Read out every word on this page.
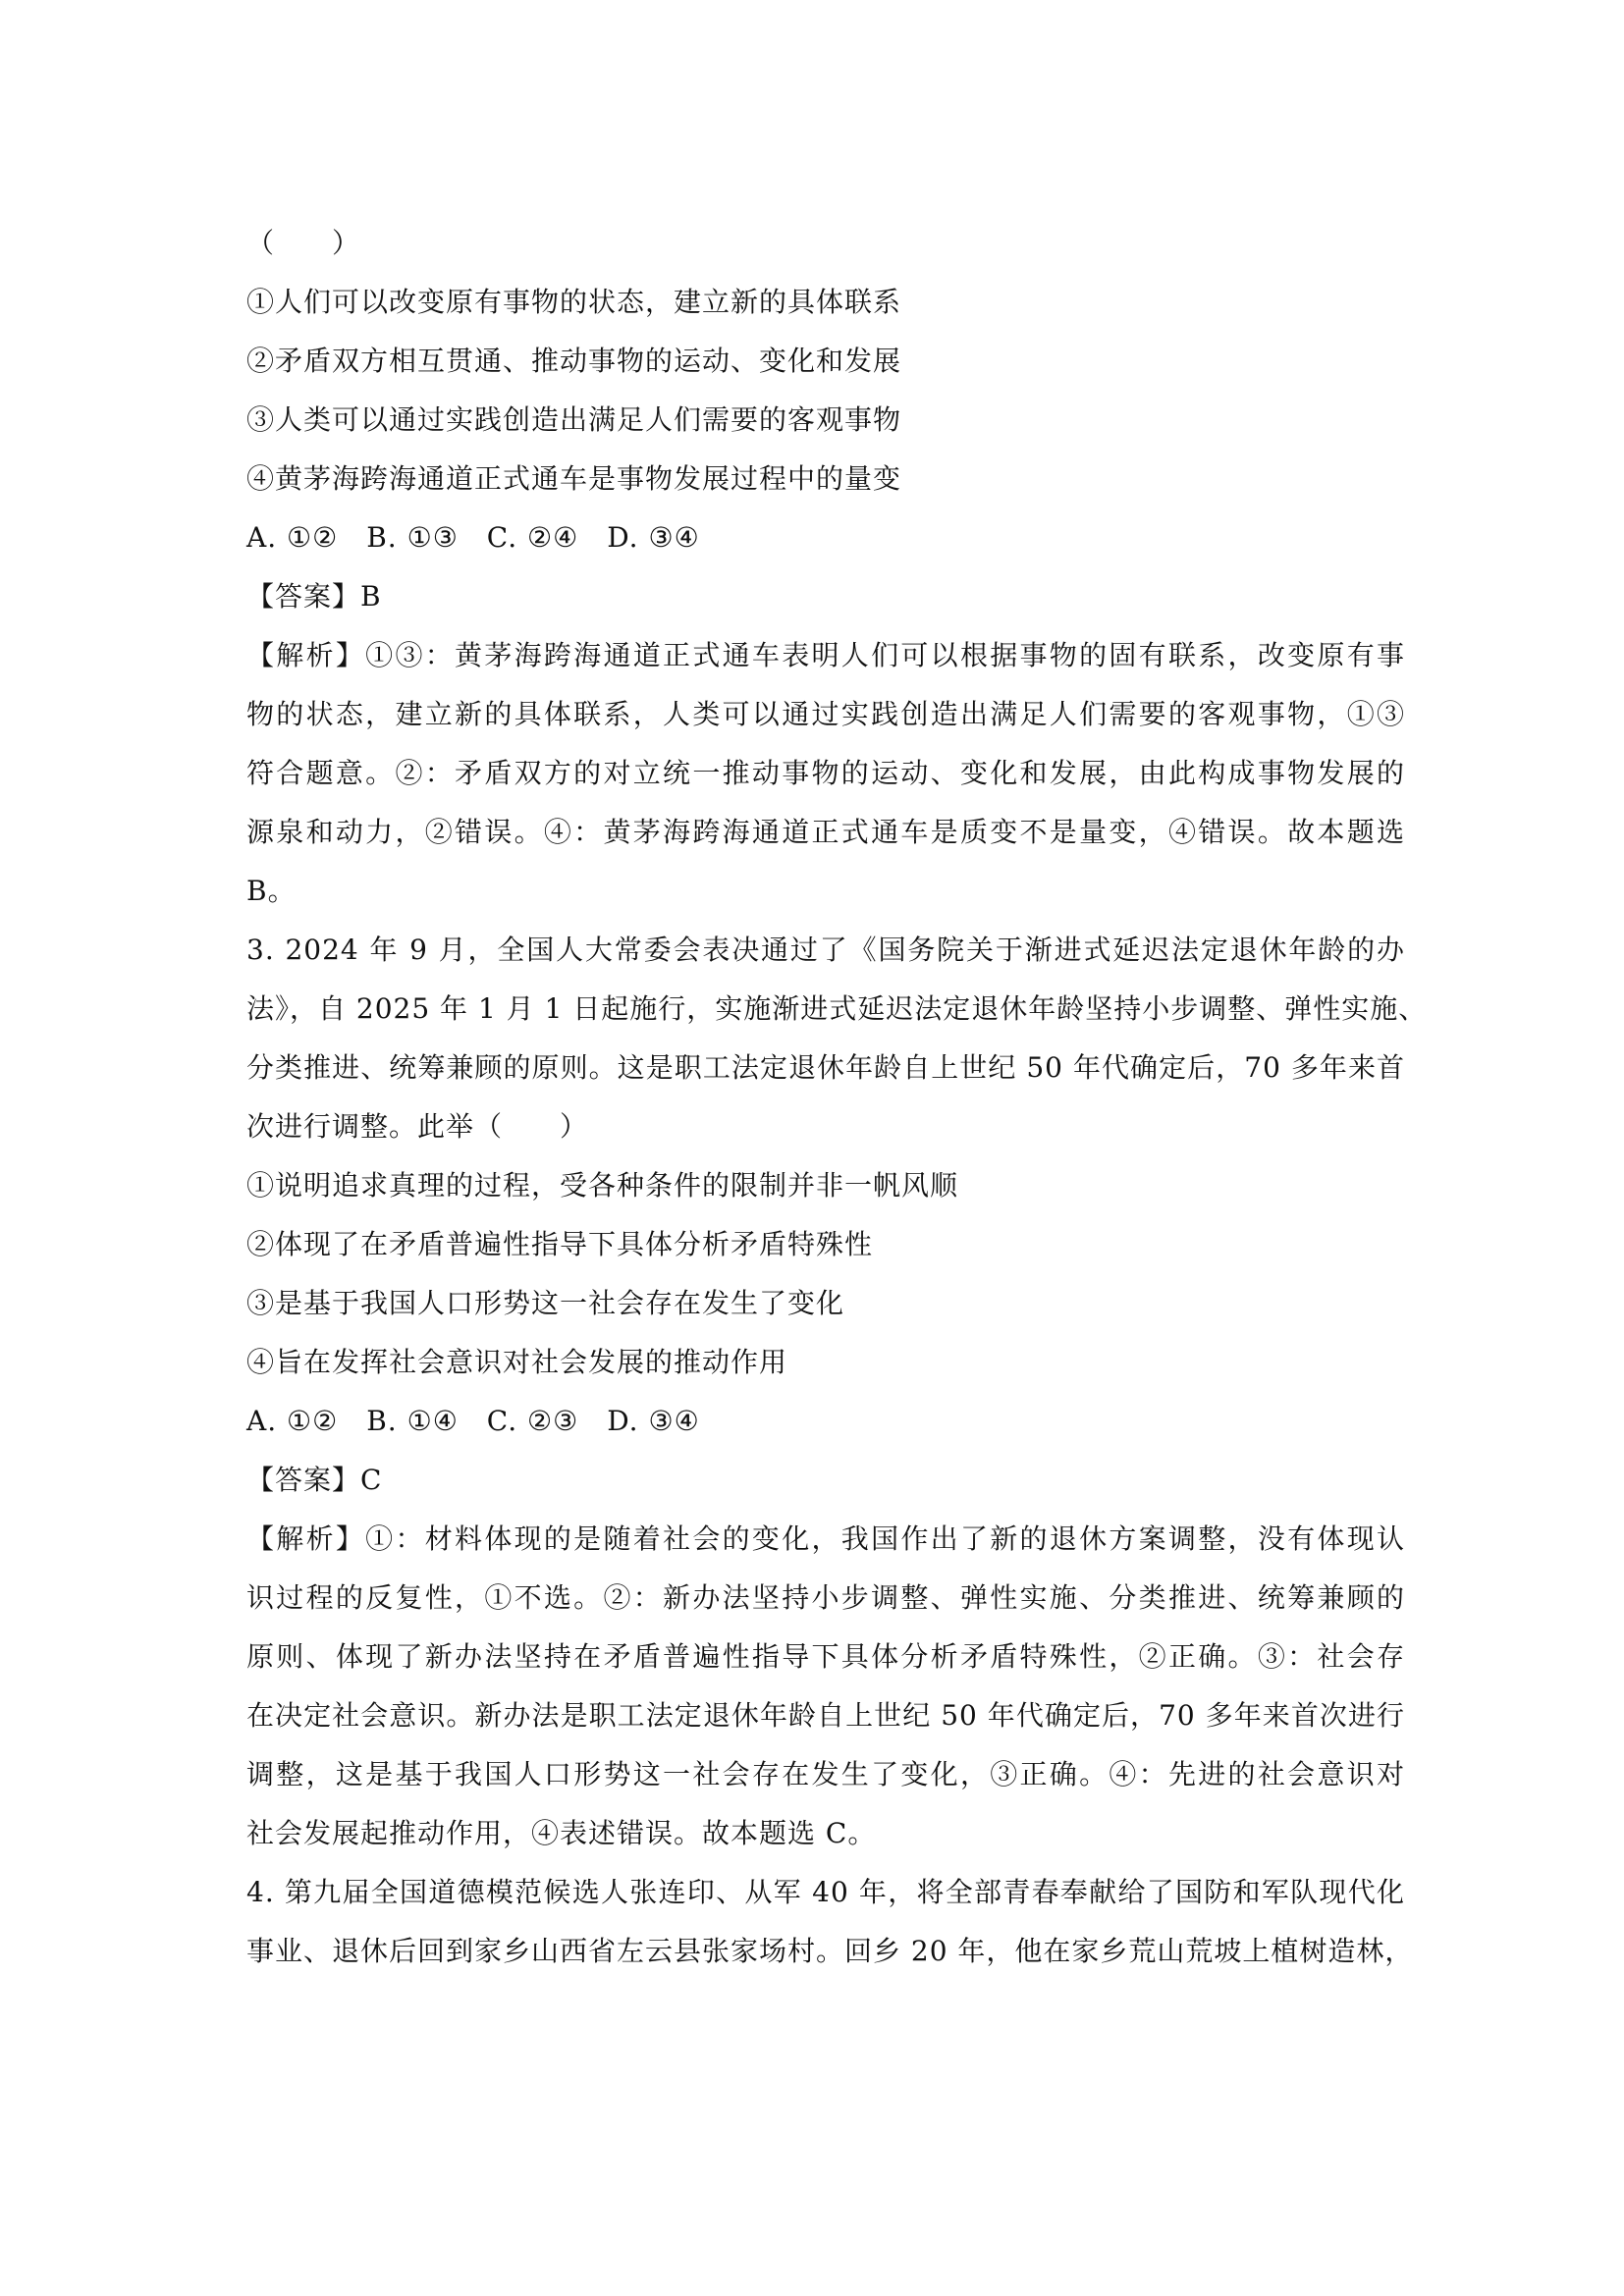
（　　）
①人们可以改变原有事物的状态，建立新的具体联系
②矛盾双方相互贯通、推动事物的运动、变化和发展
③人类可以通过实践创造出满足人们需要的客观事物
④黄茅海跨海通道正式通车是事物发展过程中的量变
A. ①②　B. ①③　C. ②④　D. ③④
【答案】B
【解析】①③：黄茅海跨海通道正式通车表明人们可以根据事物的固有联系，改变原有事
物的状态，建立新的具体联系，人类可以通过实践创造出满足人们需要的客观事物，①③
符合题意。②：矛盾双方的对立统一推动事物的运动、变化和发展，由此构成事物发展的
源泉和动力，②错误。④：黄茅海跨海通道正式通车是质变不是量变，④错误。故本题选
B。
3. 2024 年 9 月，全国人大常委会表决通过了《国务院关于渐进式延迟法定退休年龄的办
法》，自 2025 年 1 月 1 日起施行，实施渐进式延迟法定退休年龄坚持小步调整、弹性实施、
分类推进、统筹兼顾的原则。这是职工法定退休年龄自上世纪 50 年代确定后，70 多年来首
次进行调整。此举（　　）
①说明追求真理的过程，受各种条件的限制并非一帆风顺
②体现了在矛盾普遍性指导下具体分析矛盾特殊性
③是基于我国人口形势这一社会存在发生了变化
④旨在发挥社会意识对社会发展的推动作用
A. ①②　B. ①④　C. ②③　D. ③④
【答案】C
【解析】①：材料体现的是随着社会的变化，我国作出了新的退休方案调整，没有体现认
识过程的反复性，①不选。②：新办法坚持小步调整、弹性实施、分类推进、统筹兼顾的
原则、体现了新办法坚持在矛盾普遍性指导下具体分析矛盾特殊性，②正确。③：社会存
在决定社会意识。新办法是职工法定退休年龄自上世纪 50 年代确定后，70 多年来首次进行
调整，这是基于我国人口形势这一社会存在发生了变化，③正确。④：先进的社会意识对
社会发展起推动作用，④表述错误。故本题选 C。
4. 第九届全国道德模范候选人张连印、从军 40 年，将全部青春奉献给了国防和军队现代化
事业、退休后回到家乡山西省左云县张家场村。回乡 20 年，他在家乡荒山荒坡上植树造林，
